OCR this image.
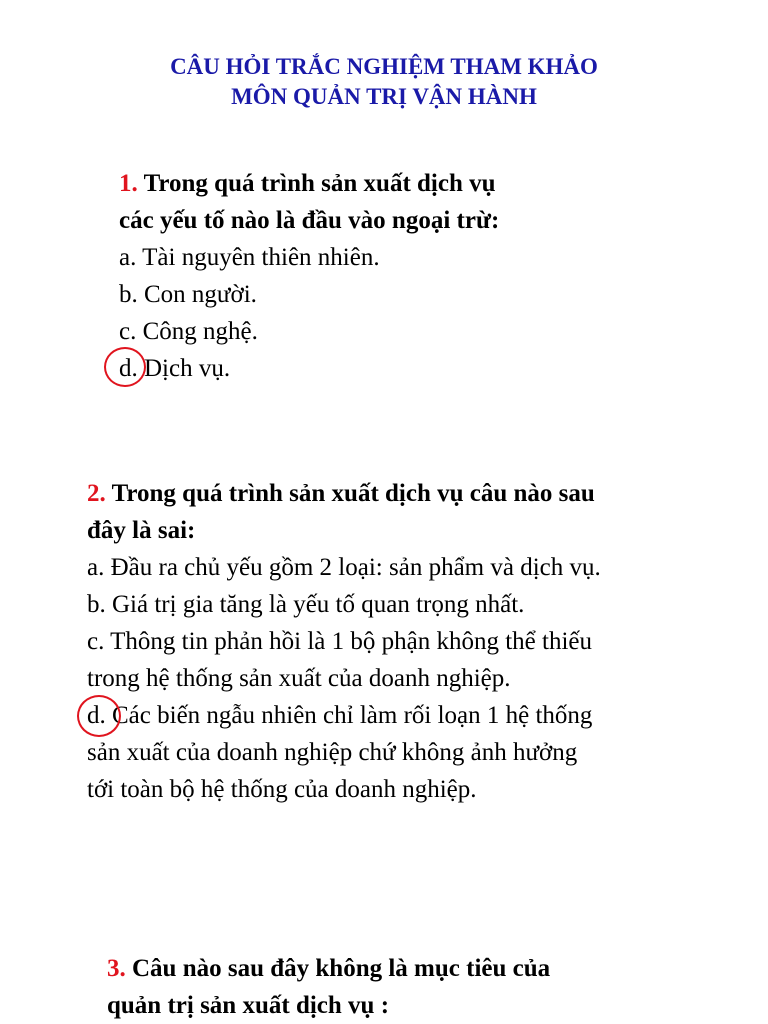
CÂU HỎI TRẮC NGHIỆM THAM KHẢO
MÔN QUẢN TRỊ VẬN HÀNH
1. Trong quá trình sản xuất dịch vụ
các yếu tố nào là đầu vào ngoại trừ:
a. Tài nguyên thiên nhiên.
b. Con người.
c. Công nghệ.
d. Dịch vụ.
2. Trong quá trình sản xuất dịch vụ câu nào sau
đây là sai:
a. Đầu ra chủ yếu gồm 2 loại: sản phẩm và dịch vụ.
b. Giá trị gia tăng là yếu tố quan trọng nhất.
c. Thông tin phản hồi là 1 bộ phận không thể thiếu
trong hệ thống sản xuất của doanh nghiệp.
d. Các biến ngẫu nhiên chỉ làm rối loạn 1 hệ thống
sản xuất của doanh nghiệp chứ không ảnh hưởng
tới toàn bộ hệ thống của doanh nghiệp.
3. Câu nào sau đây không là mục tiêu của
quản trị sản xuất dịch vụ :
